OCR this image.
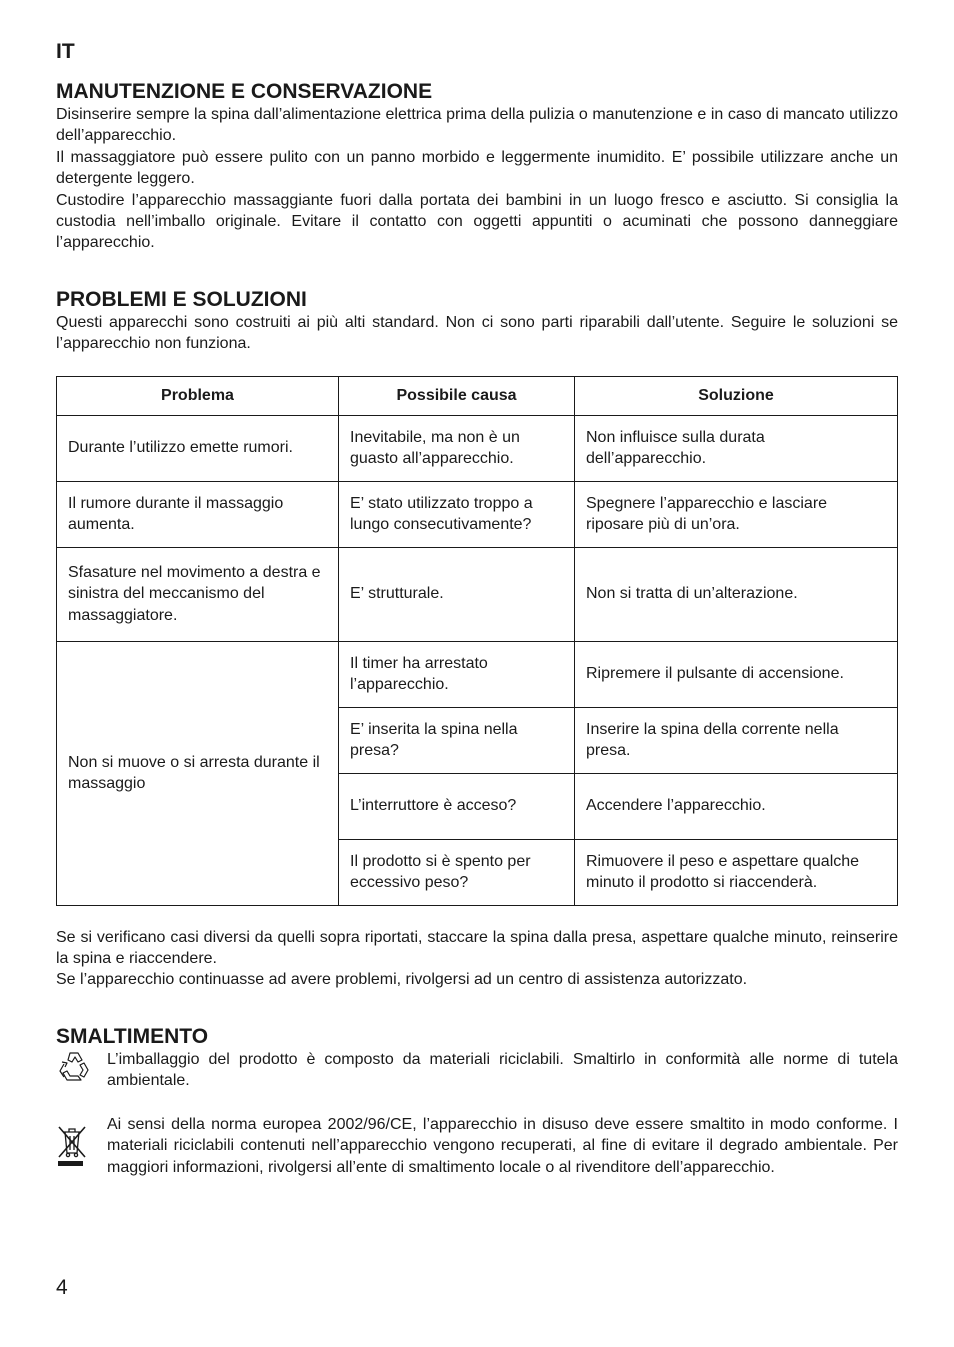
IT
MANUTENZIONE E CONSERVAZIONE

Disinserire sempre la spina dall’alimentazione elettrica prima della pulizia o manutenzione e in caso di mancato utilizzo dell’apparecchio.

Il massaggiatore può essere pulito con un panno morbido e leggermente inumidito. E’ possibile utilizzare anche un detergente leggero.

Custodire l’apparecchio massaggiante fuori dalla portata dei bambini in un luogo fresco e asciutto. Si consiglia la custodia nell’imballo originale. Evitare il contatto con oggetti appuntiti o acuminati che possono danneggiare l’apparecchio.

PROBLEMI E SOLUZIONI

Questi apparecchi sono costruiti ai più alti standard. Non ci sono parti riparabili dall’utente. Seguire le soluzioni se l’apparecchio non funziona.

Problema	Possibile causa	Soluzione
Durante l’utilizzo emette rumori.	Inevitabile, ma non è un guasto all’apparecchio.	Non influisce sulla durata dell’apparecchio.
Il rumore durante il massaggio aumenta.	E’ stato utilizzato troppo a lungo consecutivamente?	Spegnere l’apparecchio e lasciare riposare più di un’ora.
Sfasature nel movimento a destra e sinistra del meccanismo del massaggiatore.	E’ strutturale.	Non si tratta di un’alterazione.
Non si muove o si arresta durante il massaggio	Il timer ha arrestato l’apparecchio.	Ripremere il pulsante di accensione.
	E’ inserita la spina nella presa?	Inserire la spina della corrente nella presa.
	L’interruttore è acceso?	Accendere l’apparecchio.
	Il prodotto si è spento per eccessivo peso?	Rimuovere il peso e aspettare qualche minuto il prodotto si riaccenderà.

Se si verificano casi diversi da quelli sopra riportati, staccare la spina dalla presa, aspettare qualche minuto, reinserire la spina e riaccendere.

Se l’apparecchio continuasse ad avere problemi, rivolgersi ad un centro di assistenza autorizzato.

SMALTIMENTO

L’imballaggio del prodotto è composto da materiali riciclabili. Smaltirlo in conformità alle norme di tutela ambientale.

Ai sensi della norma europea 2002/96/CE, l’apparecchio in disuso deve essere smaltito in modo conforme. I materiali riciclabili contenuti nell’apparecchio vengono recuperati, al fine di evitare il degrado ambientale. Per maggiori informazioni, rivolgersi all’ente di smaltimento locale o al rivenditore dell’apparecchio.

4
